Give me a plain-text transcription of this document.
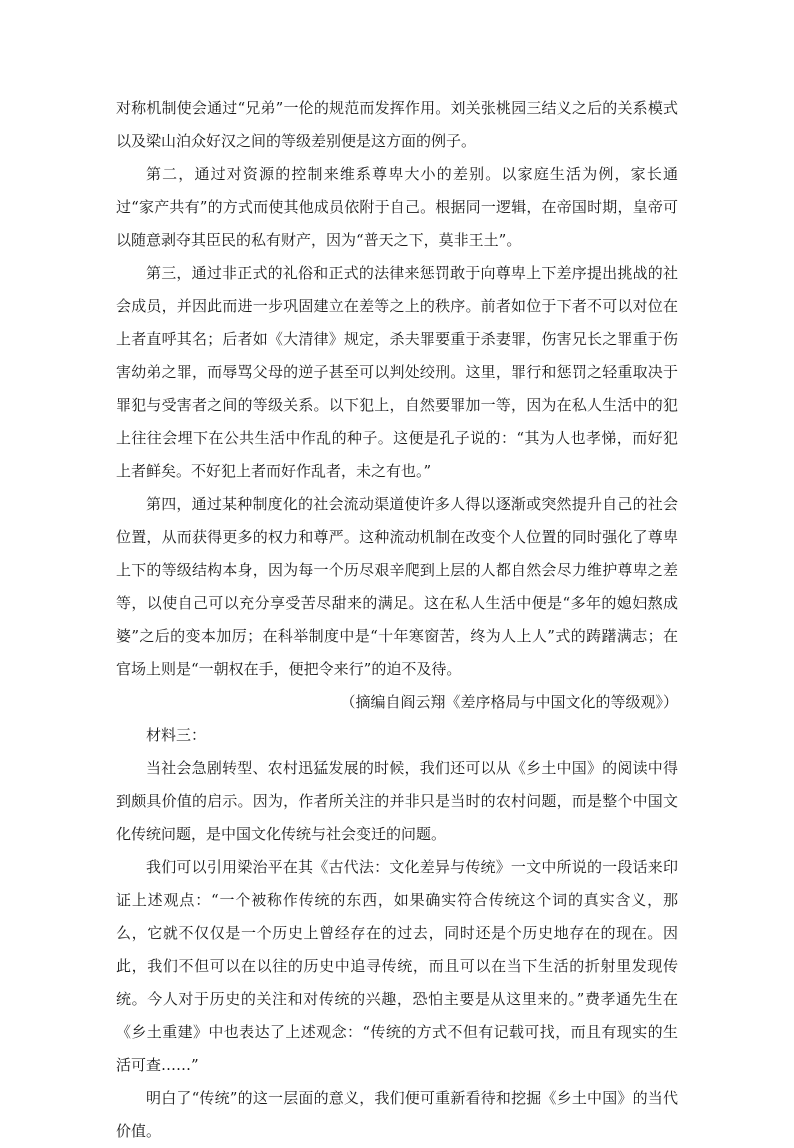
对称机制使会通过“兄弟”一伦的规范而发挥作用。刘关张桃园三结义之后的关系模式以及梁山泊众好汉之间的等级差别便是这方面的例子。

第二，通过对资源的控制来维系尊卑大小的差别。以家庭生活为例，家长通过“家产共有”的方式而使其他成员依附于自己。根据同一逻辑，在帝国时期，皇帝可以随意剥夺其臣民的私有财产，因为“普天之下，莫非王土”。

第三，通过非正式的礼俗和正式的法律来惩罚敢于向尊卑上下差序提出挑战的社会成员，并因此而进一步巩固建立在差等之上的秩序。前者如位于下者不可以对位在上者直呼其名；后者如《大清律》规定，杀夫罪要重于杀妻罪，伤害兄长之罪重于伤害幼弟之罪，而辱骂父母的逆子甚至可以判处绞刑。这里，罪行和惩罚之轻重取决于罪犯与受害者之间的等级关系。以下犯上，自然要罪加一等，因为在私人生活中的犯上往往会埋下在公共生活中作乱的种子。这便是孔子说的：“其为人也孝悌，而好犯上者鲜矣。不好犯上者而好作乱者，未之有也。”

第四，通过某种制度化的社会流动渠道使许多人得以逐渐或突然提升自己的社会位置，从而获得更多的权力和尊严。这种流动机制在改变个人位置的同时强化了尊卑上下的等级结构本身，因为每一个历尽艰辛爬到上层的人都自然会尽力维护尊卑之差等，以使自己可以充分享受苦尽甜来的满足。这在私人生活中便是“多年的媳妇熬成婆”之后的变本加厉；在科举制度中是“十年寒窗苦，终为人上人”式的踌躇满志；在官场上则是“一朝权在手，便把令来行”的迫不及待。

（摘编自阎云翔《差序格局与中国文化的等级观》）

材料三：

当社会急剧转型、农村迅猛发展的时候，我们还可以从《乡土中国》的阅读中得到颇具价值的启示。因为，作者所关注的并非只是当时的农村问题，而是整个中国文化传统问题，是中国文化传统与社会变迁的问题。

我们可以引用梁治平在其《古代法：文化差异与传统》一文中所说的一段话来印证上述观点：“一个被称作传统的东西，如果确实符合传统这个词的真实含义，那么，它就不仅仅是一个历史上曾经存在的过去，同时还是个历史地存在的现在。因此，我们不但可以在以往的历史中追寻传统，而且可以在当下生活的折射里发现传统。今人对于历史的关注和对传统的兴趣，恐怕主要是从这里来的。”费孝通先生在《乡土重建》中也表达了上述观念：“传统的方式不但有记载可找，而且有现实的生活可查……”

明白了“传统”的这一层面的意义，我们便可重新看待和挖掘《乡土中国》的当代价值。
